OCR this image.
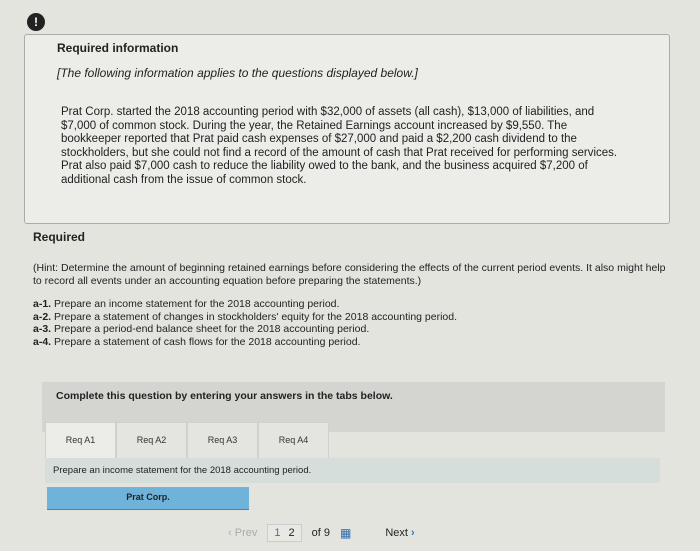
!
Required information
[The following information applies to the questions displayed below.]
Prat Corp. started the 2018 accounting period with $32,000 of assets (all cash), $13,000 of liabilities, and $7,000 of common stock. During the year, the Retained Earnings account increased by $9,550. The bookkeeper reported that Prat paid cash expenses of $27,000 and paid a $2,200 cash dividend to the stockholders, but she could not find a record of the amount of cash that Prat received for performing services. Prat also paid $7,000 cash to reduce the liability owed to the bank, and the business acquired $7,200 of additional cash from the issue of common stock.
Required
(Hint: Determine the amount of beginning retained earnings before considering the effects of the current period events. It also might help to record all events under an accounting equation before preparing the statements.)
a-1. Prepare an income statement for the 2018 accounting period.
a-2. Prepare a statement of changes in stockholders' equity for the 2018 accounting period.
a-3. Prepare a period-end balance sheet for the 2018 accounting period.
a-4. Prepare a statement of cash flows for the 2018 accounting period.
Complete this question by entering your answers in the tabs below.
Req A1	Req A2	Req A3	Req A4
Prepare an income statement for the 2018 accounting period.
Prat Corp.
‹ Prev 1 2 of 9 ▦	Next ›
